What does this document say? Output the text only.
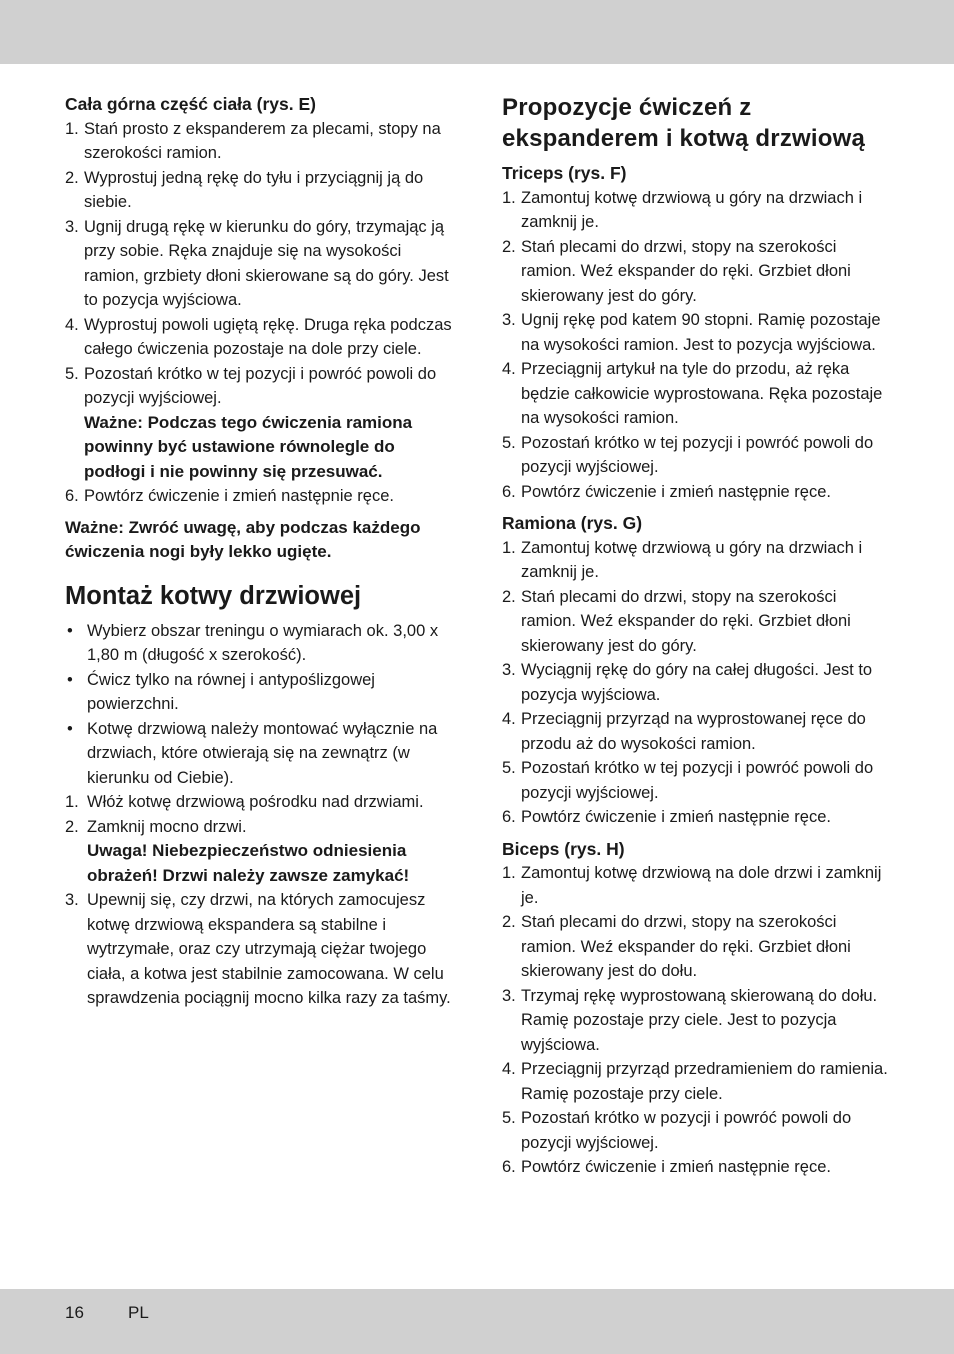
Cała górna część ciała (rys. E)
1. Stań prosto z ekspanderem za plecami, stopy na szerokości ramion.
2. Wyprostuj jedną rękę do tyłu i przyciągnij ją do siebie.
3. Ugnij drugą rękę w kierunku do góry, trzymając ją przy sobie. Ręka znajduje się na wysokości ramion, grzbiety dłoni skierowane są do góry. Jest to pozycja wyjściowa.
4. Wyprostuj powoli ugiętą rękę. Druga ręka podczas całego ćwiczenia pozostaje na dole przy ciele.
5. Pozostań krótko w tej pozycji i powróć powoli do pozycji wyjściowej.
Ważne: Podczas tego ćwiczenia ramiona powinny być ustawione równolegle do podłogi i nie powinny się przesuwać.
6. Powtórz ćwiczenie i zmień następnie ręce.

Ważne: Zwróć uwagę, aby podczas każdego ćwiczenia nogi były lekko ugięte.

Montaż kotwy drzwiowej
• Wybierz obszar treningu o wymiarach ok. 3,00 x 1,80 m (długość x szerokość).
• Ćwicz tylko na równej i antypoślizgowej powierzchni.
• Kotwę drzwiową należy montować wyłącznie na drzwiach, które otwierają się na zewnątrz (w kierunku od Ciebie).
1. Włóż kotwę drzwiową pośrodku nad drzwiami.
2. Zamknij mocno drzwi.
Uwaga! Niebezpieczeństwo odniesienia obrażeń! Drzwi należy zawsze zamykać!
3. Upewnij się, czy drzwi, na których zamocujesz kotwę drzwiową ekspandera są stabilne i wytrzymałe, oraz czy utrzymają ciężar twojego ciała, a kotwa jest stabilnie zamocowana. W celu sprawdzenia pociągnij mocno kilka razy za taśmy.
Propozycje ćwiczeń z ekspanderem i kotwą drzwiową
Triceps (rys. F)
1. Zamontuj kotwę drzwiową u góry na drzwiach i zamknij je.
2. Stań plecami do drzwi, stopy na szerokości ramion. Weź ekspander do ręki. Grzbiet dłoni skierowany jest do góry.
3. Ugnij rękę pod katem 90 stopni. Ramię pozostaje na wysokości ramion. Jest to pozycja wyjściowa.
4. Przeciągnij artykuł na tyle do przodu, aż ręka będzie całkowicie wyprostowana. Ręka pozostaje na wysokości ramion.
5. Pozostań krótko w tej pozycji i powróć powoli do pozycji wyjściowej.
6. Powtórz ćwiczenie i zmień następnie ręce.
Ramiona (rys. G)
1. Zamontuj kotwę drzwiową u góry na drzwiach i zamknij je.
2. Stań plecami do drzwi, stopy na szerokości ramion. Weź ekspander do ręki. Grzbiet dłoni skierowany jest do góry.
3. Wyciągnij rękę do góry na całej długości. Jest to pozycja wyjściowa.
4. Przeciągnij przyrząd na wyprostowanej ręce do przodu aż do wysokości ramion.
5. Pozostań krótko w tej pozycji i powróć powoli do pozycji wyjściowej.
6. Powtórz ćwiczenie i zmień następnie ręce.
Biceps (rys. H)
1. Zamontuj kotwę drzwiową na dole drzwi i zamknij je.
2. Stań plecami do drzwi, stopy na szerokości ramion. Weź ekspander do ręki. Grzbiet dłoni skierowany jest do dołu.
3. Trzymaj rękę wyprostowaną skierowaną do dołu. Ramię pozostaje przy ciele. Jest to pozycja wyjściowa.
4. Przeciągnij przyrząd przedramieniem do ramienia. Ramię pozostaje przy ciele.
5. Pozostań krótko w pozycji i powróć powoli do pozycji wyjściowej.
6. Powtórz ćwiczenie i zmień następnie ręce.
16	PL
